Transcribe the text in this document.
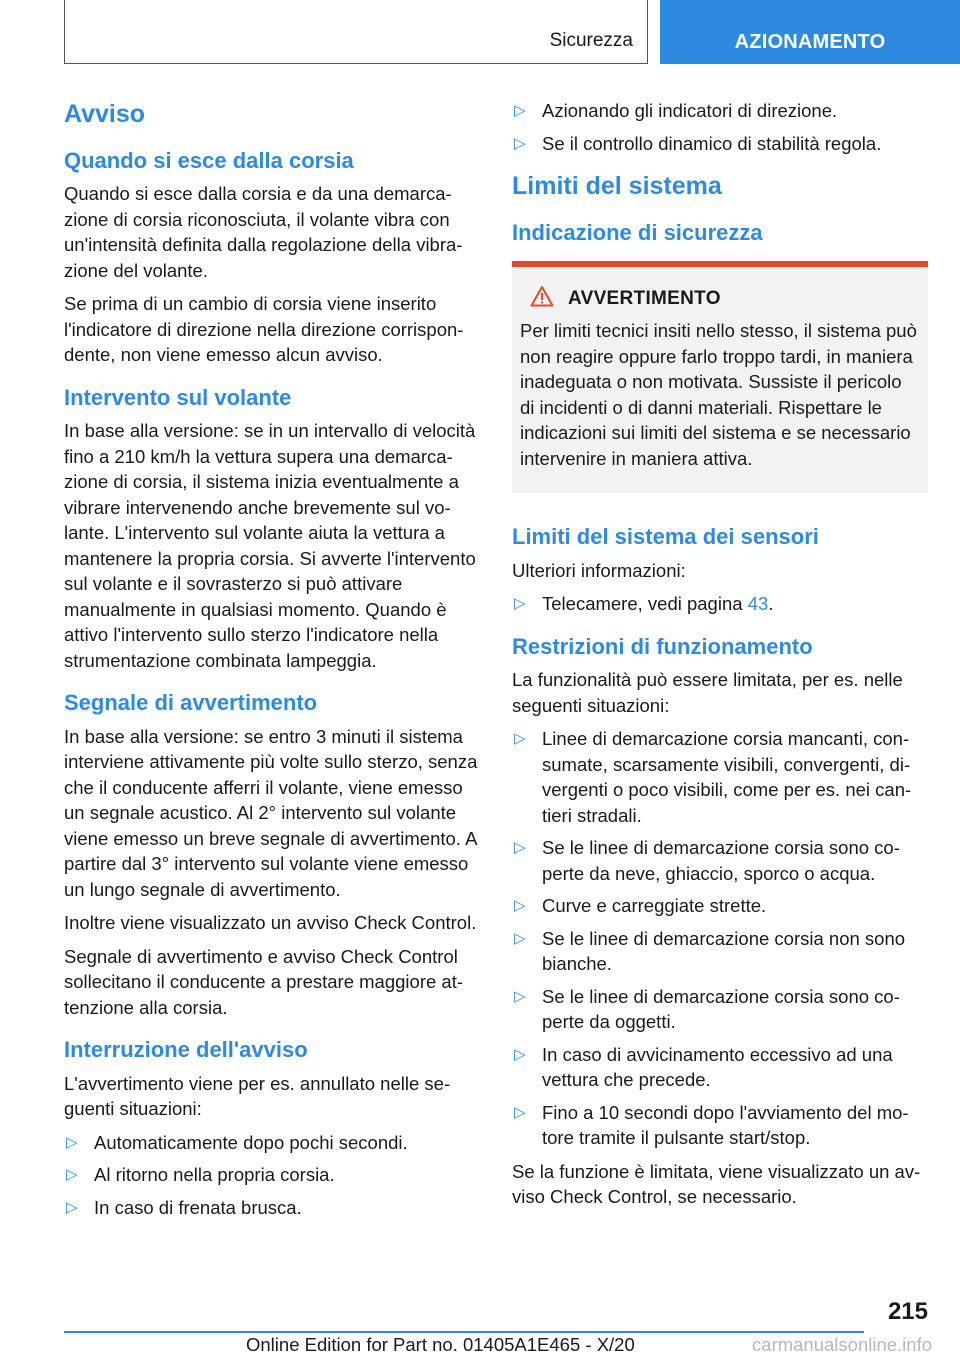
Sicurezza	AZIONAMENTO
Avviso
Quando si esce dalla corsia

Quando si esce dalla corsia e da una demarcazione di corsia riconosciuta, il volante vibra con un'intensità definita dalla regolazione della vibrazione del volante.

Se prima di un cambio di corsia viene inserito l'indicatore di direzione nella direzione corrispondente, non viene emesso alcun avviso.

Intervento sul volante

In base alla versione: se in un intervallo di velocità fino a 210 km/h la vettura supera una demarcazione di corsia, il sistema inizia eventualmente a vibrare intervenendo anche brevemente sul volante. L'intervento sul volante aiuta la vettura a mantenere la propria corsia. Si avverte l'intervento sul volante e il sovrasterzo si può attivare manualmente in qualsiasi momento. Quando è attivo l'intervento sullo sterzo l'indicatore nella strumentazione combinata lampeggia.

Segnale di avvertimento

In base alla versione: se entro 3 minuti il sistema interviene attivamente più volte sullo sterzo, senza che il conducente afferri il volante, viene emesso un segnale acustico. Al 2° intervento sul volante viene emesso un breve segnale di avvertimento. A partire dal 3° intervento sul volante viene emesso un lungo segnale di avvertimento.

Inoltre viene visualizzato un avviso Check Control.

Segnale di avvertimento e avviso Check Control sollecitano il conducente a prestare maggiore attenzione alla corsia.

Interruzione dell'avviso

L'avvertimento viene per es. annullato nelle seguenti situazioni:

▷ Automaticamente dopo pochi secondi.
▷ Al ritorno nella propria corsia.
▷ In caso di frenata brusca.
▷ Azionando gli indicatori di direzione.
▷ Se il controllo dinamico di stabilità regola.
Limiti del sistema
Indicazione di sicurezza
AVVERTIMENTO

Per limiti tecnici insiti nello stesso, il sistema può non reagire oppure farlo troppo tardi, in maniera inadeguata o non motivata. Sussiste il pericolo di incidenti o di danni materiali. Rispettare le indicazioni sui limiti del sistema e se necessario intervenire in maniera attiva.

Limiti del sistema dei sensori

Ulteriori informazioni:

▷ Telecamere, vedi pagina 43.
Restrizioni di funzionamento

La funzionalità può essere limitata, per es. nelle seguenti situazioni:

▷ Linee di demarcazione corsia mancanti, consumate, scarsamente visibili, convergenti, divergenti o poco visibili, come per es. nei cantieri stradali.
▷ Se le linee di demarcazione corsia sono coperte da neve, ghiaccio, sporco o acqua.
▷ Curve e carreggiate strette.
▷ Se le linee di demarcazione corsia non sono bianche.
▷ Se le linee di demarcazione corsia sono coperte da oggetti.
▷ In caso di avvicinamento eccessivo ad una vettura che precede.
▷ Fino a 10 secondi dopo l'avviamento del motore tramite il pulsante start/stop.

Se la funzione è limitata, viene visualizzato un avviso Check Control, se necessario.

215
Online Edition for Part no. 01405A1E465 - X/20	carmanualsonline.info
